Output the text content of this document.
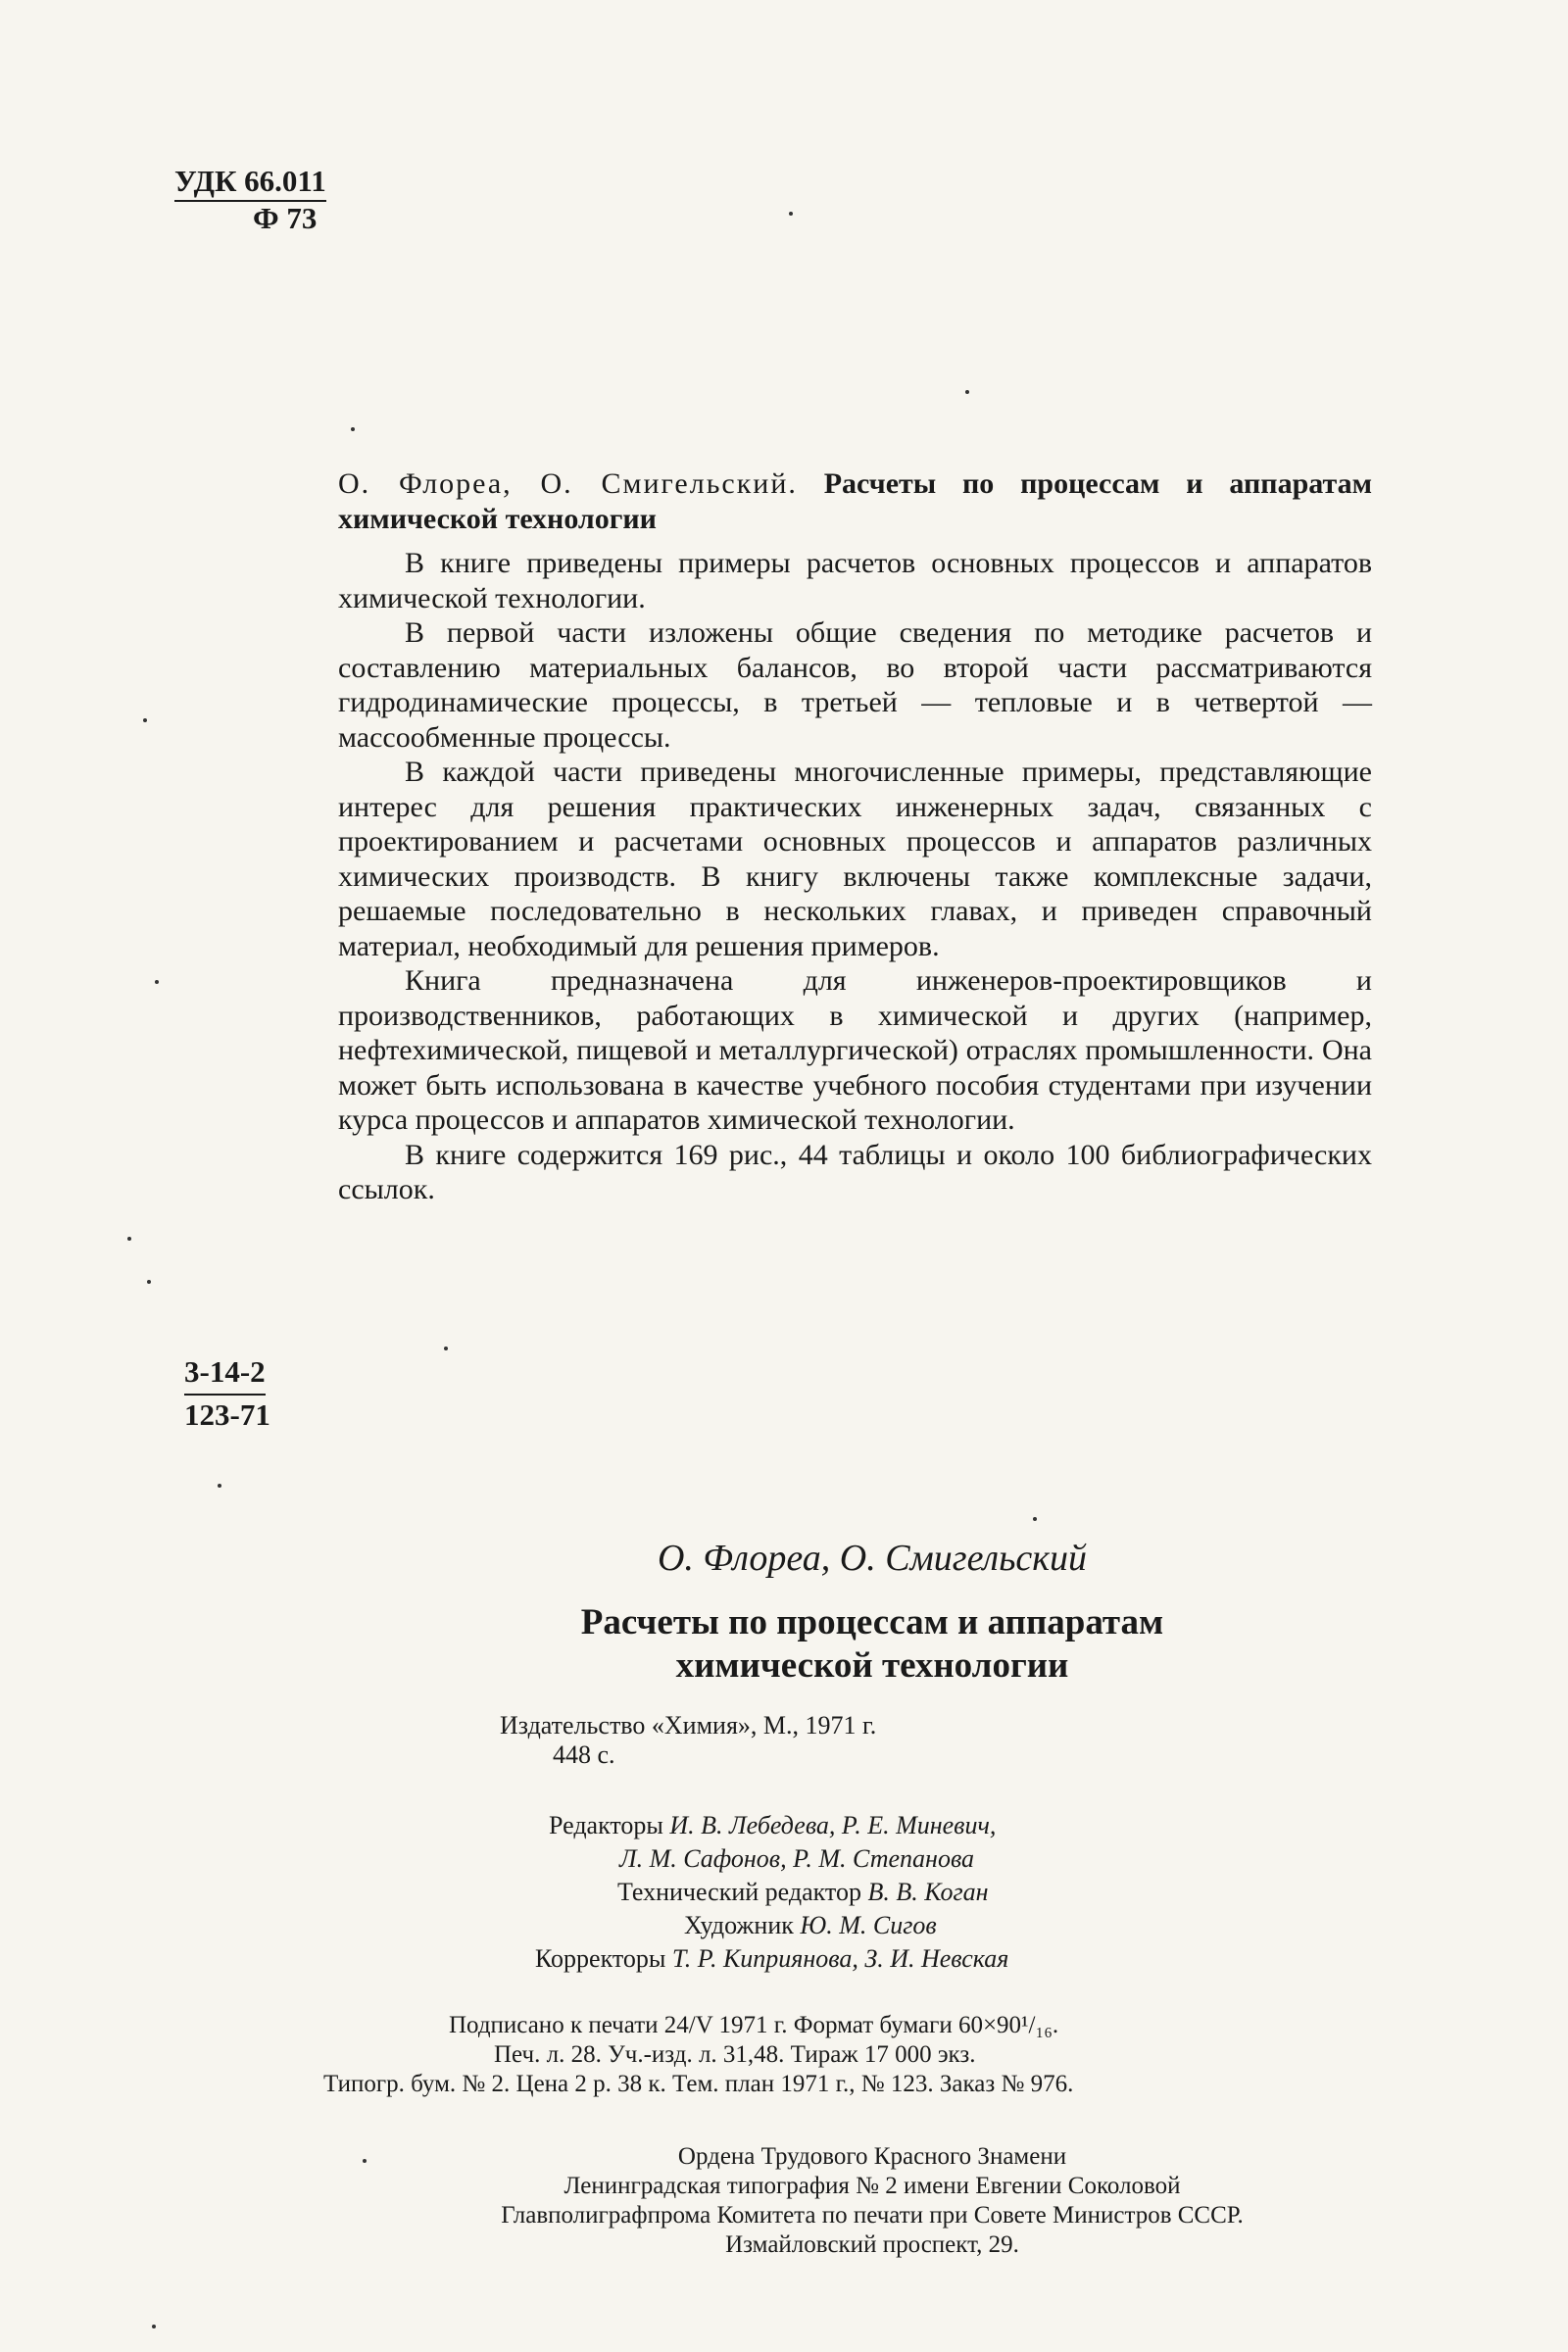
УДК 66.011
Ф 73
О. Флореа, О. Смигельский. Расчеты по процессам и аппаратам химической технологии

В книге приведены примеры расчетов основных процессов и аппаратов химической технологии.

В первой части изложены общие сведения по методике расчетов и составлению материальных балансов, во второй части рассматриваются гидродинамические процессы, в третьей — тепловые и в четвертой — массообменные процессы.

В каждой части приведены многочисленные примеры, представляющие интерес для решения практических инженерных задач, связанных с проектированием и расчетами основных процессов и аппаратов различных химических производств. В книгу включены также комплексные задачи, решаемые последовательно в нескольких главах, и приведен справочный материал, необходимый для решения примеров.

Книга предназначена для инженеров-проектировщиков и производственников, работающих в химической и других (например, нефтехимической, пищевой и металлургической) отраслях промышленности. Она может быть использована в качестве учебного пособия студентами при изучении курса процессов и аппаратов химической технологии.

В книге содержится 169 рис., 44 таблицы и около 100 библиографических ссылок.

3-14-2
123-71
О. Флореа, О. Смигельский
Расчеты по процессам и аппаратам
химической технологии
Издательство «Химия», М., 1971 г.
448 с.
Редакторы И. В. Лебедева, Р. Е. Миневич,
Л. М. Сафонов, Р. М. Степанова
Технический редактор В. В. Коган
Художник Ю. М. Сигов
Корректоры Т. Р. Киприянова, З. И. Невская
Подписано к печати 24/V 1971 г. Формат бумаги 60×90¹/₁₆.
Печ. л. 28. Уч.-изд. л. 31,48. Тираж 17 000 экз.
Типогр. бум. № 2. Цена 2 р. 38 к. Тем. план 1971 г., № 123. Заказ № 976.
Ордена Трудового Красного Знамени
Ленинградская типография № 2 имени Евгении Соколовой
Главполиграфпрома Комитета по печати при Совете Министров СССР.
Измайловский проспект, 29.
